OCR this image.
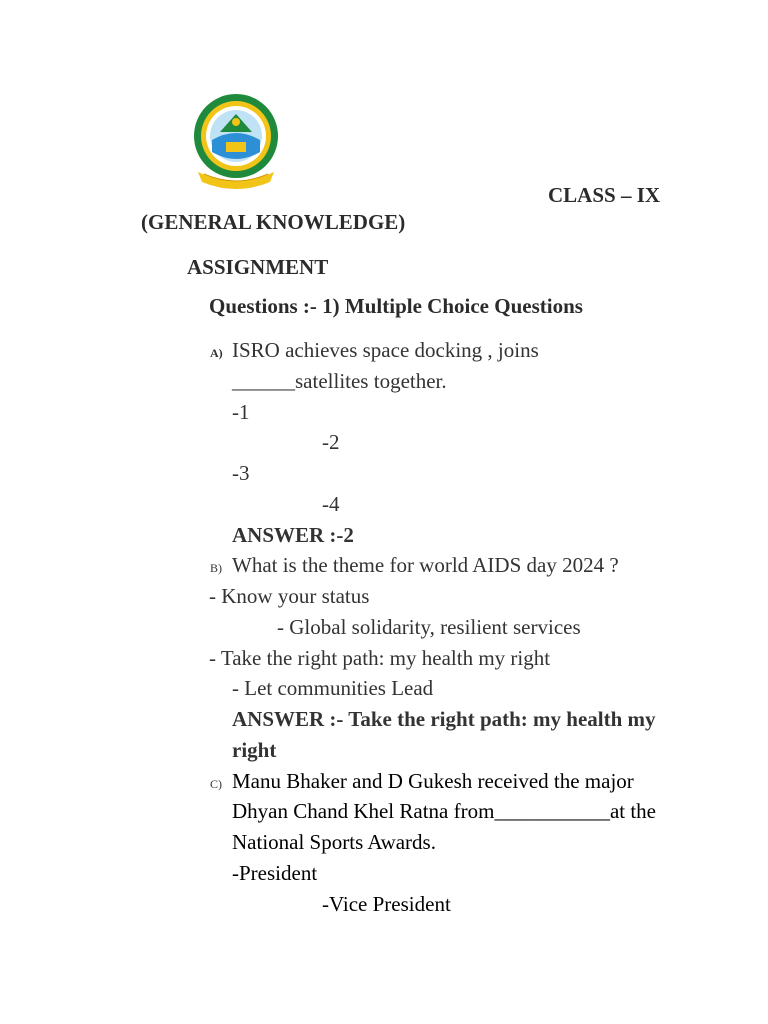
CLASS – IX
(GENERAL KNOWLEDGE)
ASSIGNMENT
Questions :- 1) Multiple Choice Questions
A) ISRO achieves space docking , joins
______satellites together.
-1
-2
-3
-4
ANSWER :-2
B) What is the theme for world AIDS day 2024 ?
- Know your status
- Global solidarity, resilient services
- Take the right path: my health my right
- Let communities Lead
ANSWER :- Take the right path: my health my
right
C) Manu Bhaker and D Gukesh received the major
Dhyan Chand Khel Ratna from___________at the
National Sports Awards.
-President
-Vice President
